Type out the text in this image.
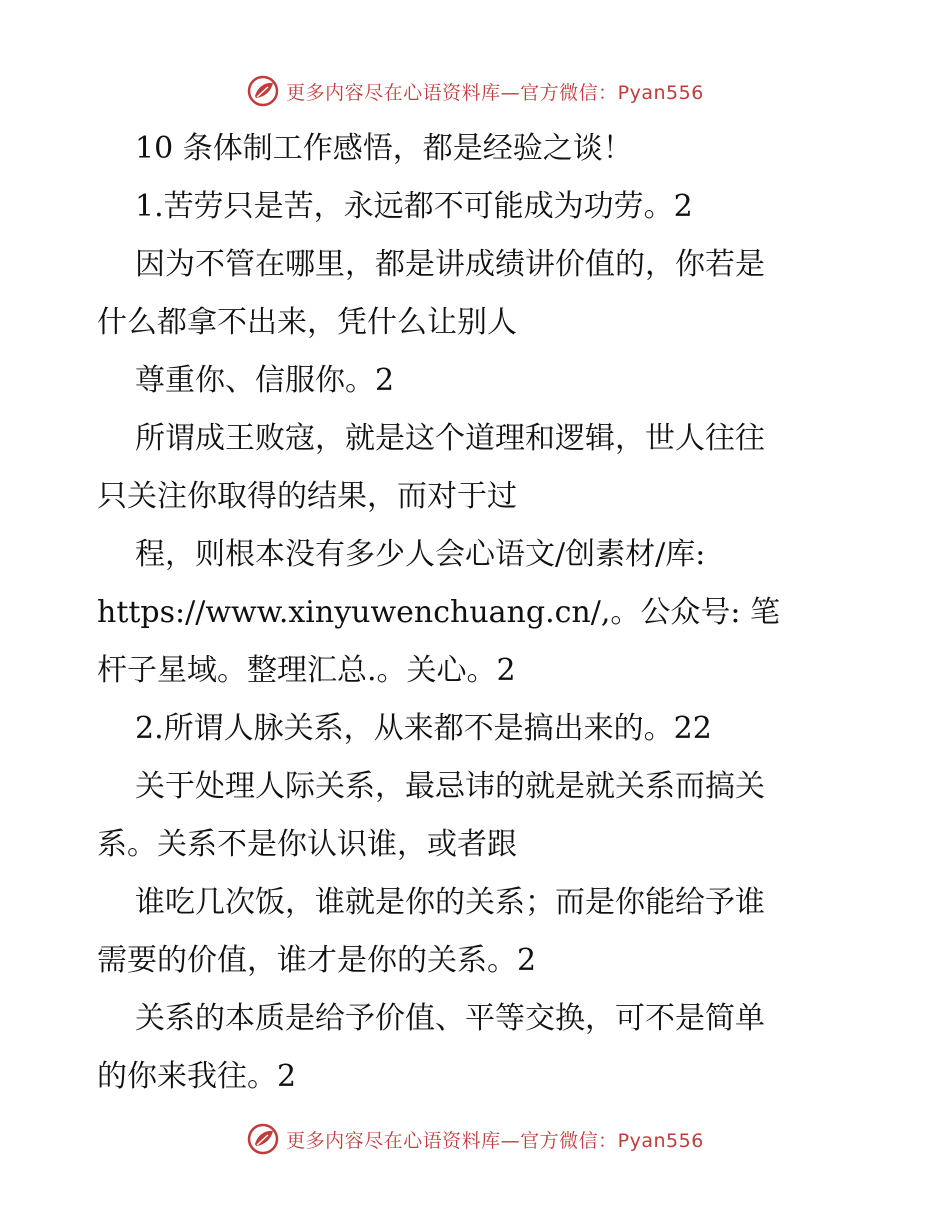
更多内容尽在心语资料库—官方微信：Pyan556

10 条体制工作感悟，都是经验之谈！

1.苦劳只是苦，永远都不可能成为功劳。2

因为不管在哪里，都是讲成绩讲价值的，你若是

什么都拿不出来，凭什么让别人

尊重你、信服你。2

所谓成王败寇，就是这个道理和逻辑，世人往往

只关注你取得的结果，而对于过

程，则根本没有多少人会心语文/创素材/库:

https://www.xinyuwenchuang.cn/,。公众号: 笔

杆子星域。整理汇总.。关心。2

2.所谓人脉关系，从来都不是搞出来的。22

关于处理人际关系，最忌讳的就是就关系而搞关

系。关系不是你认识谁，或者跟

谁吃几次饭，谁就是你的关系；而是你能给予谁

需要的价值，谁才是你的关系。2

关系的本质是给予价值、平等交换，可不是简单

的你来我往。2

更多内容尽在心语资料库—官方微信：Pyan556
